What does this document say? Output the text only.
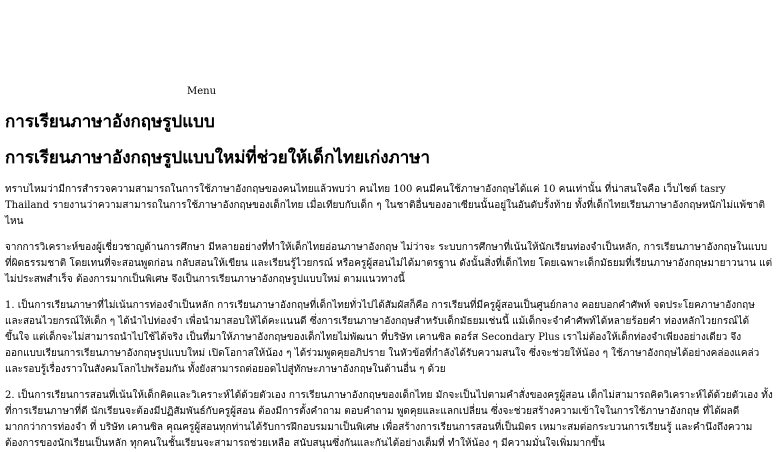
Menu
การเรียนภาษาอังกฤษรูปแบบ
การเรียนภาษาอังกฤษรูปแบบใหม่ที่ช่วยให้เด็กไทยเก่งภาษา

ทราบไหมว่ามีการสำรวจความสามารถในการใช้ภาษาอังกฤษของคนไทยแล้วพบว่า คนไทย 100 คนมีคนใช้ภาษาอังกฤษได้แค่ 10 คนเท่านั้น ที่น่าสนใจคือ เว็บไซต์ tasry Thailand รายงานว่าความสามารถในการใช้ภาษาอังกฤษของเด็กไทย เมื่อเทียบกับเด็ก ๆ ในชาติอื่นของอาเซียนนั้นอยู่ในอันดับรั้งท้าย ทั้งที่เด็กไทยเรียนภาษาอังกฤษหนักไม่แพ้ชาติไหน

จากการวิเคราะห์ของผู้เชี่ยวชาญด้านการศึกษา มีหลายอย่างที่ทำให้เด็กไทยอ่อนภาษาอังกฤษ ไม่ว่าจะ ระบบการศึกษาที่เน้นให้นักเรียนท่องจำเป็นหลัก, การเรียนภาษาอังกฤษในแบบที่ผิดธรรมชาติ โดยเทนที่จะสอนพูดก่อน กลับสอนให้เขียน และเรียนรู้ไวยกรณ์ หรือครูผู้สอนไม่ได้มาตรฐาน ดังนั้นสิ่งที่เด็กไทย โดยเฉพาะเด็กมัธยมที่เรียนภาษาอังกฤษมายาวนาน แต่ไม่ประสพสำเร็จ ต้องการมากเป็นพิเศษ จึงเป็นการเรียนภาษาอังกฤษรูปแบบใหม่ ตามแนวทางนี้

1. เป็นการเรียนภาษาที่ไม่เน้นการท่องจำเป็นหลัก การเรียนภาษาอังกฤษที่เด็กไทยทั่วไปได้สัมผัสก็คือ การเรียนที่มีครูผู้สอนเป็นศูนย์กลาง คอยบอกคำศัพท์ จดประโยคภาษาอังกฤษ และสอนไวยกรณ์ให้เด็ก ๆ ได้นำไปท่องจำ เพื่อนำมาสอบให้ได้คะแนนดี ซึ่งการเรียนภาษาอังกฤษสำหรับเด็กมัธยมเช่นนี้ แม้เด็กจะจำคำศัพท์ได้หลายร้อยคำ ท่องหลักไวยกรณ์ได้ขึ้นใจ แต่เด็กจะไม่สามารถนำไปใช้ได้จริง เป็นที่มาให้ภาษาอังกฤษของเด็กไทยไม่พัฒนา ที่บริษัท เคานซิล ดอร์ส Secondary Plus เราไม่ต้องให้เด็กท่องจำเพียงอย่างเดียว จึงออกแบบเรียนการเรียนภาษาอังกฤษรูปแบบใหม่ เปิดโอกาสให้น้อง ๆ ได้ร่วมพูดคุยอภิปราย ในหัวข้อที่กำลังได้รับความสนใจ ซึ่งจะช่วยให้น้อง ๆ ใช้ภาษาอังกฤษได้อย่างคล่องแคล่ว และรอบรู้เรื่องราวในสังคมโลกไปพร้อมกัน ทั้งยังสามารถต่อยอดไปสู่ทักษะภาษาอังกฤษในด้านอื่น ๆ ด้วย

2. เป็นการเรียนการสอนที่เน้นให้เด็กคิดและวิเคราะห์ได้ด้วยตัวเอง การเรียนภาษาอังกฤษของเด็กไทย มักจะเป็นไปตามคำสั่งของครูผู้สอน เด็กไม่สามารถคิดวิเคราะห์ได้ด้วยตัวเอง ทั้งที่การเรียนภาษาที่ดี นักเรียนจะต้องมีปฏิสัมพันธ์กับครูผู้สอน ต้องมีการตั้งคำถาม ตอบคำถาม พูดคุยและแลกเปลี่ยน ซึ่งจะช่วยสร้างความเข้าใจในการใช้ภาษาอังกฤษ ที่ได้ผลดีมากกว่าการท่องจำ ที่ บริษัท เคานซิล คุณครูผู้สอนทุกท่านได้รับการฝึกอบรมมาเป็นพิเศษ เพื่อสร้างการเรียนการสอนที่เป็นมิตร เหมาะสมต่อกระบวนการเรียนรู้ และคำนึงถึงความต้องการของนักเรียนเป็นหลัก ทุกคนในชั้นเรียนจะสามารถช่วยเหลือ สนับสนุนซึ่งกันและกันได้อย่างเต็มที่ ทำให้น้อง ๆ มีความมั่นใจเพิ่มมากขึ้น
